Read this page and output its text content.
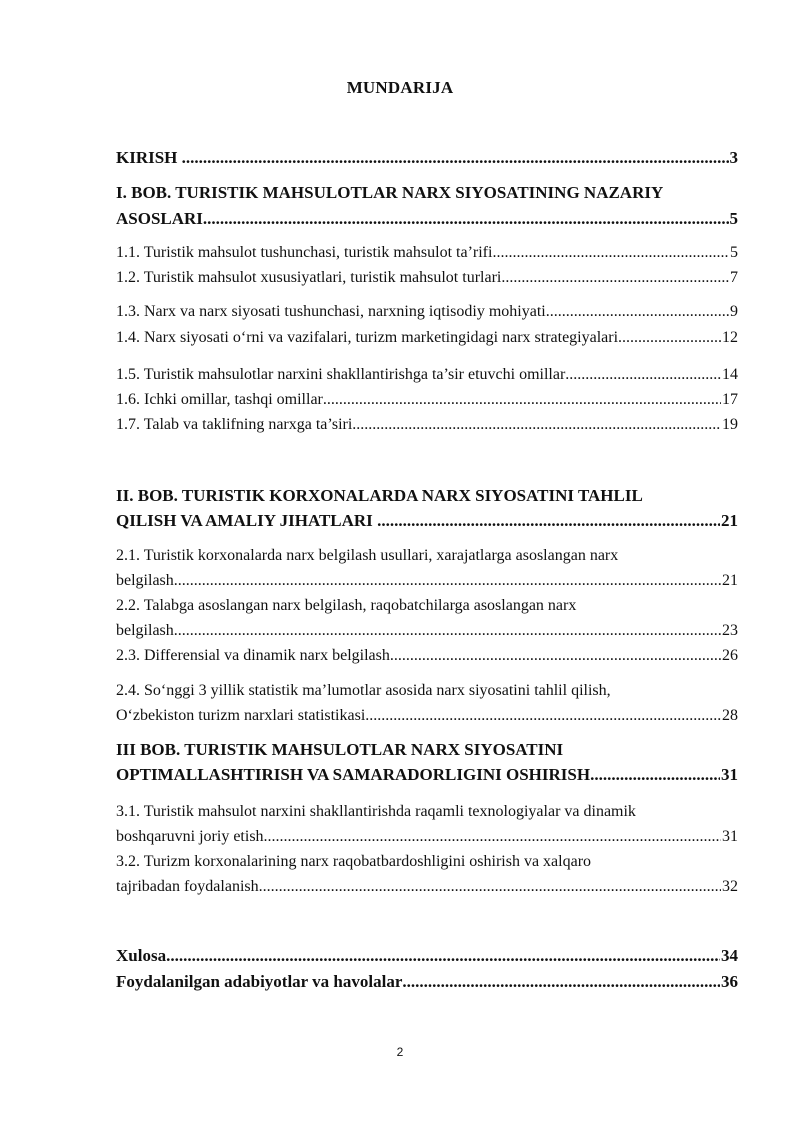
MUNDARIJA
KIRISH	3
.....
I. BOB. TURISTIK MAHSULOTLAR NARX SIYOSATINING NAZARIY
ASOSLARI	5
.....
1.1. Turistik mahsulot tushunchasi, turistik mahsulot ta’rifi	5
.....
1.2. Turistik mahsulot xususiyatlari, turistik mahsulot turlari	7
.....
1.3. Narx va narx siyosati tushunchasi, narxning iqtisodiy mohiyati	9
.....
1.4. Narx siyosati oʻrni va vazifalari, turizm marketingidagi narx strategiyalari	12
.....
1.5. Turistik mahsulotlar narxini shakllantirishga ta’sir etuvchi omillar	14
.....
1.6. Ichki omillar, tashqi omillar	17
.....
1.7. Talab va taklifning narxga ta’siri	19
.....
II. BOB. TURISTIK KORXONALARDA NARX SIYOSATINI TAHLIL
QILISH VA AMALIY JIHATLARI	21
.....
2.1. Turistik korxonalarda narx belgilash usullari, xarajatlarga asoslangan narx
belgilash	21
.....
2.2. Talabga asoslangan narx belgilash, raqobatchilarga asoslangan narx
belgilash	23
.....
2.3. Differensial va dinamik narx belgilash	26
.....
2.4. Soʻnggi 3 yillik statistik ma’lumotlar asosida narx siyosatini tahlil qilish,
Oʻzbekiston turizm narxlari statistikasi	28
.....
III BOB. TURISTIK MAHSULOTLAR NARX SIYOSATINI
OPTIMALLASHTIRISH VA SAMARADORLIGINI OSHIRISH	31
.....
3.1. Turistik mahsulot narxini shakllantirishda raqamli texnologiyalar va dinamik
boshqaruvni joriy etish	31
.....
3.2. Turizm korxonalarining narx raqobatbardoshligini oshirish va xalqaro
tajribadan foydalanish	32
.....
Xulosa	34
.....
Foydalanilgan adabiyotlar va havolalar	36
.....
2
